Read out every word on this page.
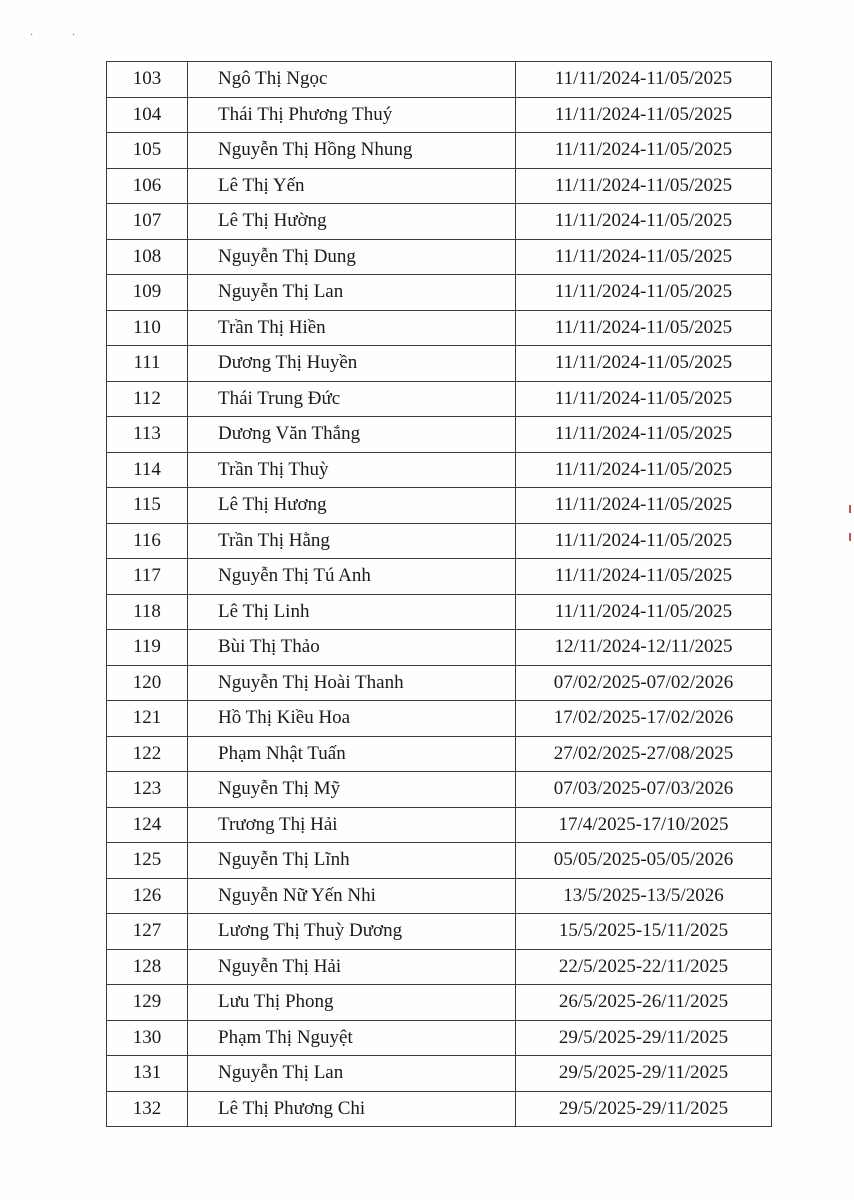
· ·
103	Ngô Thị Ngọc	11/11/2024-11/05/2025
104	Thái Thị Phương Thuý	11/11/2024-11/05/2025
105	Nguyễn Thị Hồng Nhung	11/11/2024-11/05/2025
106	Lê Thị Yến	11/11/2024-11/05/2025
107	Lê Thị Hường	11/11/2024-11/05/2025
108	Nguyễn Thị Dung	11/11/2024-11/05/2025
109	Nguyễn Thị Lan	11/11/2024-11/05/2025
110	Trần Thị Hiền	11/11/2024-11/05/2025
111	Dương Thị Huyền	11/11/2024-11/05/2025
112	Thái Trung Đức	11/11/2024-11/05/2025
113	Dương Văn Thắng	11/11/2024-11/05/2025
114	Trần Thị Thuỳ	11/11/2024-11/05/2025
115	Lê Thị Hương	11/11/2024-11/05/2025
116	Trần Thị Hằng	11/11/2024-11/05/2025
117	Nguyễn Thị Tú Anh	11/11/2024-11/05/2025
118	Lê Thị Linh	11/11/2024-11/05/2025
119	Bùi Thị Thảo	12/11/2024-12/11/2025
120	Nguyễn Thị Hoài Thanh	07/02/2025-07/02/2026
121	Hồ Thị Kiều Hoa	17/02/2025-17/02/2026
122	Phạm Nhật Tuấn	27/02/2025-27/08/2025
123	Nguyễn Thị Mỹ	07/03/2025-07/03/2026
124	Trương Thị Hải	17/4/2025-17/10/2025
125	Nguyễn Thị Lĩnh	05/05/2025-05/05/2026
126	Nguyễn Nữ Yến Nhi	13/5/2025-13/5/2026
127	Lương Thị Thuỳ Dương	15/5/2025-15/11/2025
128	Nguyễn Thị Hải	22/5/2025-22/11/2025
129	Lưu Thị Phong	26/5/2025-26/11/2025
130	Phạm Thị Nguyệt	29/5/2025-29/11/2025
131	Nguyễn Thị Lan	29/5/2025-29/11/2025
132	Lê Thị Phương Chi	29/5/2025-29/11/2025
